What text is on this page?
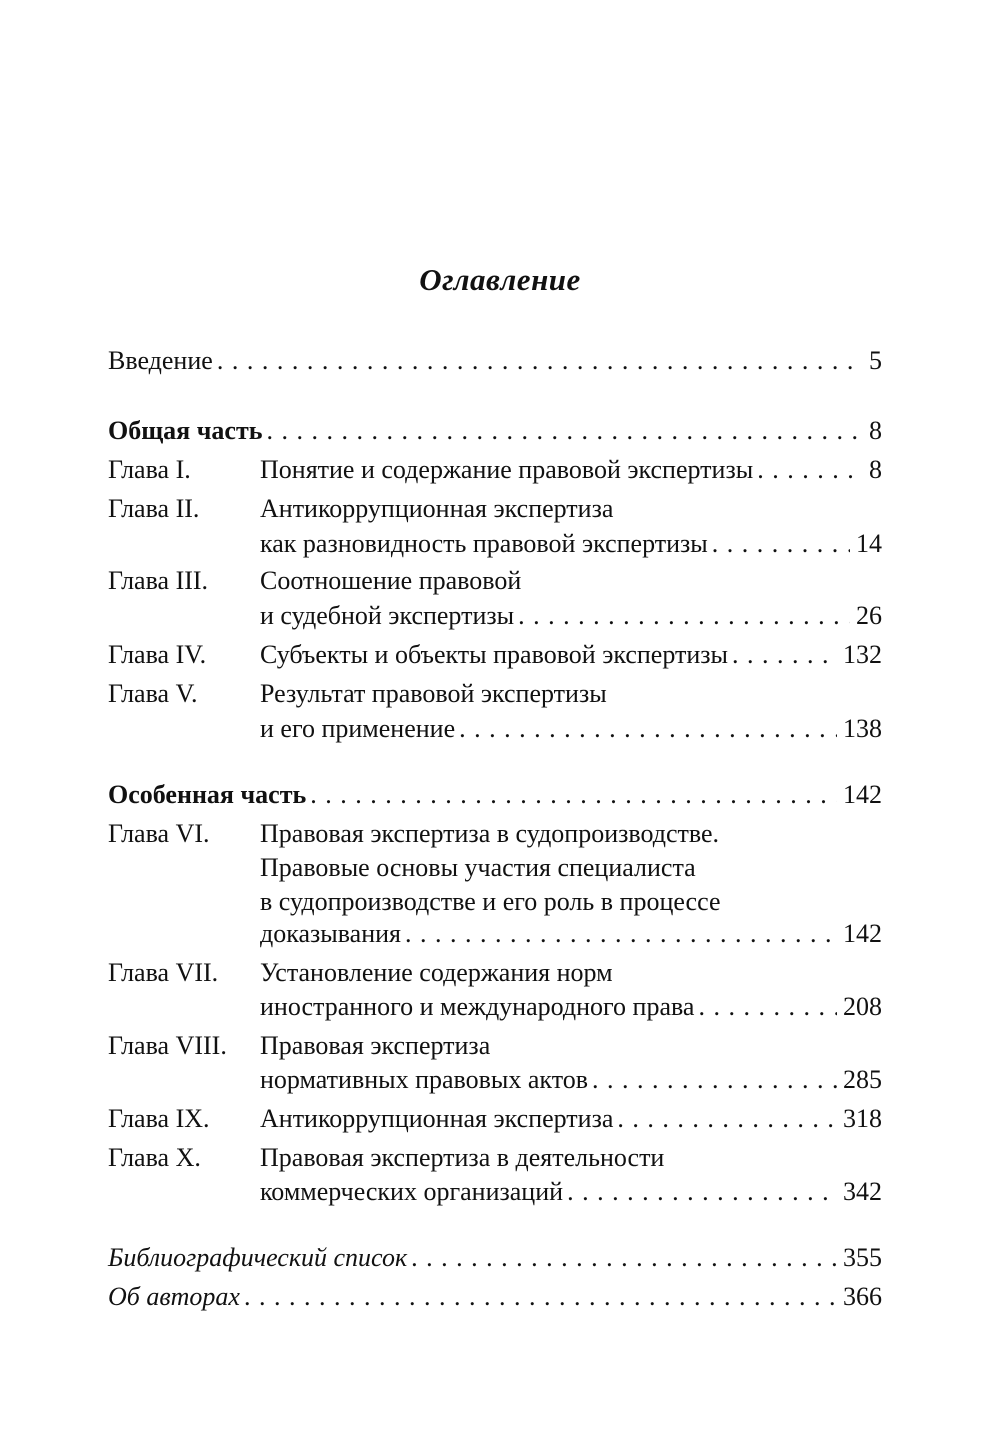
Оглавление
Введение . . .	5
Общая часть . . .	8
Глава I.	Понятие и содержание правовой экспертизы . . .	8
Глава II. Антикоррупционная экспертиза
как разновидность правовой экспертизы . . .	14
Глава III. Соотношение правовой
и судебной экспертизы . . .	26
Глава IV. Субъекты и объекты правовой экспертизы . . .	132
Глава V. Результат правовой экспертизы
и его применение . . .	138
Особенная часть . . .	142
Глава VI. Правовая экспертиза в судопроизводстве.
Правовые основы участия специалиста
в судопроизводстве и его роль в процессе
доказывания . . .	142
Глава VII. Установление содержания норм
иностранного и международного права . . .	208
Глава VIII. Правовая экспертиза
нормативных правовых актов . . .	285
Глава IX. Антикоррупционная экспертиза . . .	318
Глава X. Правовая экспертиза в деятельности
коммерческих организаций . . .	342
Библиографический список . . .	355
Об авторах . . .	366
